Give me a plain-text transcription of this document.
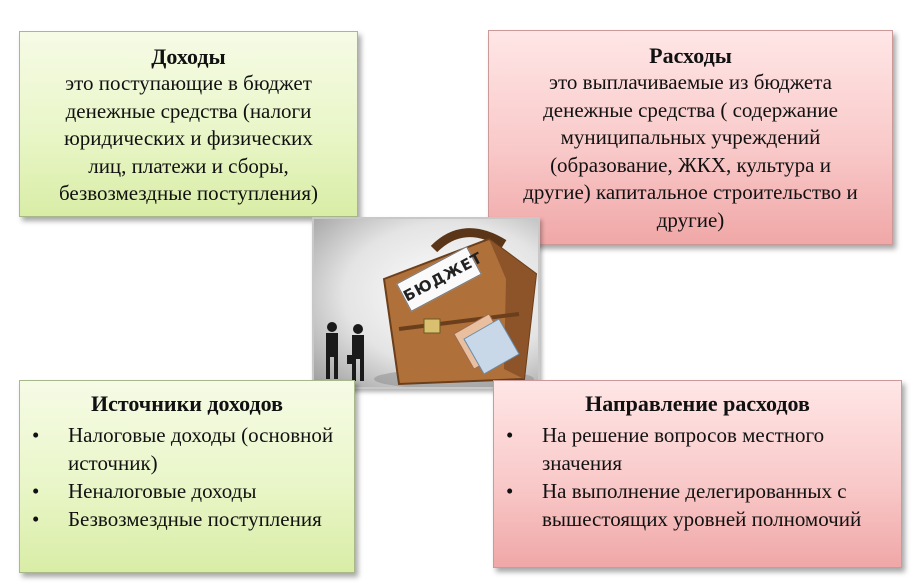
Доходы
это поступающие в бюджет
денежные средства (налоги
юридических и физических
лиц, платежи и сборы,
безвозмездные поступления)
Расходы
это выплачиваемые из бюджета
денежные средства ( содержание
муниципальных учреждений
(образование, ЖКХ, культура и
другие) капитальное строительство и
другие)
БЮДЖЕТ
Источники доходов
• Налоговые доходы (основной источник)
• Неналоговые доходы
• Безвозмездные поступления
Направление расходов
• На решение вопросов местного значения
• На выполнение делегированных с вышестоящих уровней полномочий
